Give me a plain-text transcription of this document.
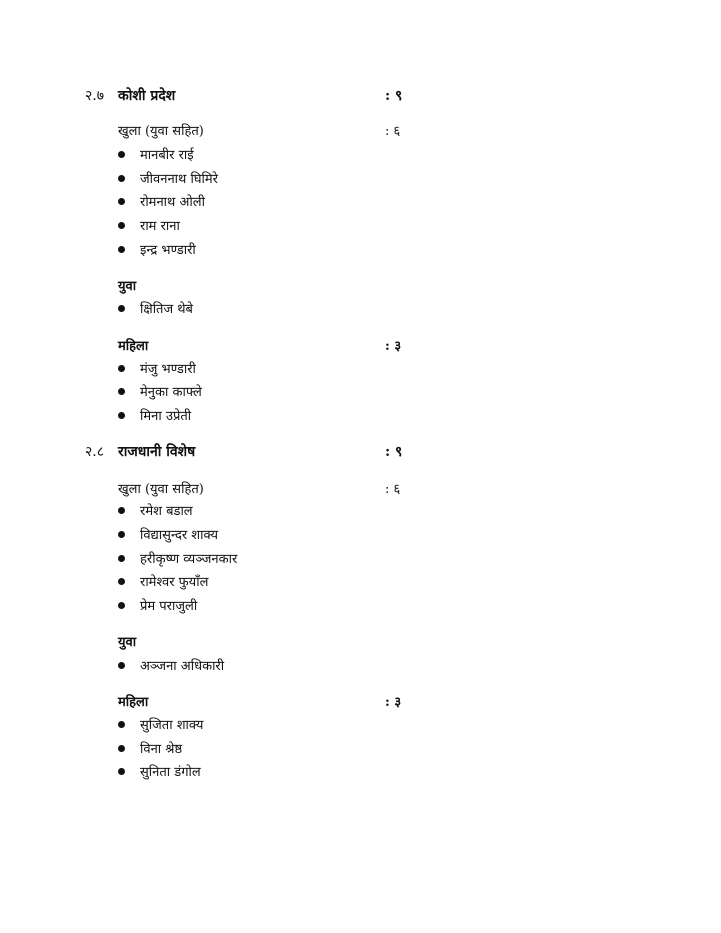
२.७ कोशी प्रदेश	: ९
खुला (युवा सहित)	: ६
मानबीर राई
जीवननाथ घिमिरे
रोमनाथ ओली
राम राना
इन्द्र भण्डारी
युवा
क्षितिज थेबे
महिला	: ३
मंजु भण्डारी
मेनुका काफ्ले
मिना उप्रेती
२.८ राजधानी विशेष	: ९
खुला (युवा सहित)	: ६
रमेश बडाल
विद्यासुन्दर शाक्य
हरीकृष्ण व्यञ्जनकार
रामेश्वर फुयाँल
प्रेम पराजुली
युवा
अञ्जना अधिकारी
महिला	: ३
सुजिता शाक्य
विना श्रेष्ठ
सुनिता डंगोल
